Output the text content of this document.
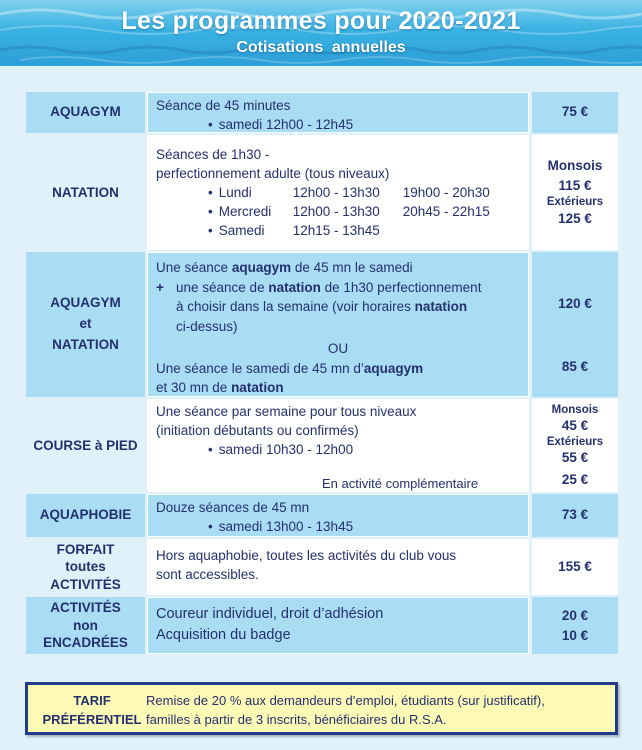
Les programmes pour 2020-2021
Cotisations annuelles
AQUAGYM	Séance de 45 minutes
• samedi 12h00 - 12h45
75 €
NATATION
Séances de 1h30 -
perfectionnement adulte (tous niveaux)
• Lundi	12h00 - 13h30 19h00 - 20h30
• Mercredi 12h00 - 13h30 20h45 - 22h15
• Samedi 12h15 - 13h45
Monsois
115 €
Extérieurs
125 €
AQUAGYM
et
NATATION
Une séance aquagym de 45 mn le samedi
+ une séance de natation de 1h30 perfectionnement
à choisir dans la semaine (voir horaires natation
ci-dessus)
OU
Une séance le samedi de 45 mn d’aquagym
et 30 mn de natation
120 €
85 €
COURSE à PIED
Une séance par semaine pour tous niveaux
(initiation débutants ou confirmés)
• samedi 10h30 - 12h00
En activité complémentaire
Monsois
45 €
Extérieurs
55 €
25 €
AQUAPHOBIE Douze séances de 45 mn
• samedi 13h00 - 13h45
73 €
FORFAIT
toutes
ACTIVITÉS
Hors aquaphobie, toutes les activités du club vous
sont accessibles.
155 €
ACTIVITÉS
non
ENCADRÉES
Coureur individuel, droit d’adhésion
Acquisition du badge
20 €
10 €
TARIF
PRÉFÉRENTIEL
Remise de 20 % aux demandeurs d’emploi, étudiants (sur justificatif),
familles à partir de 3 inscrits, bénéficiaires du R.S.A.
